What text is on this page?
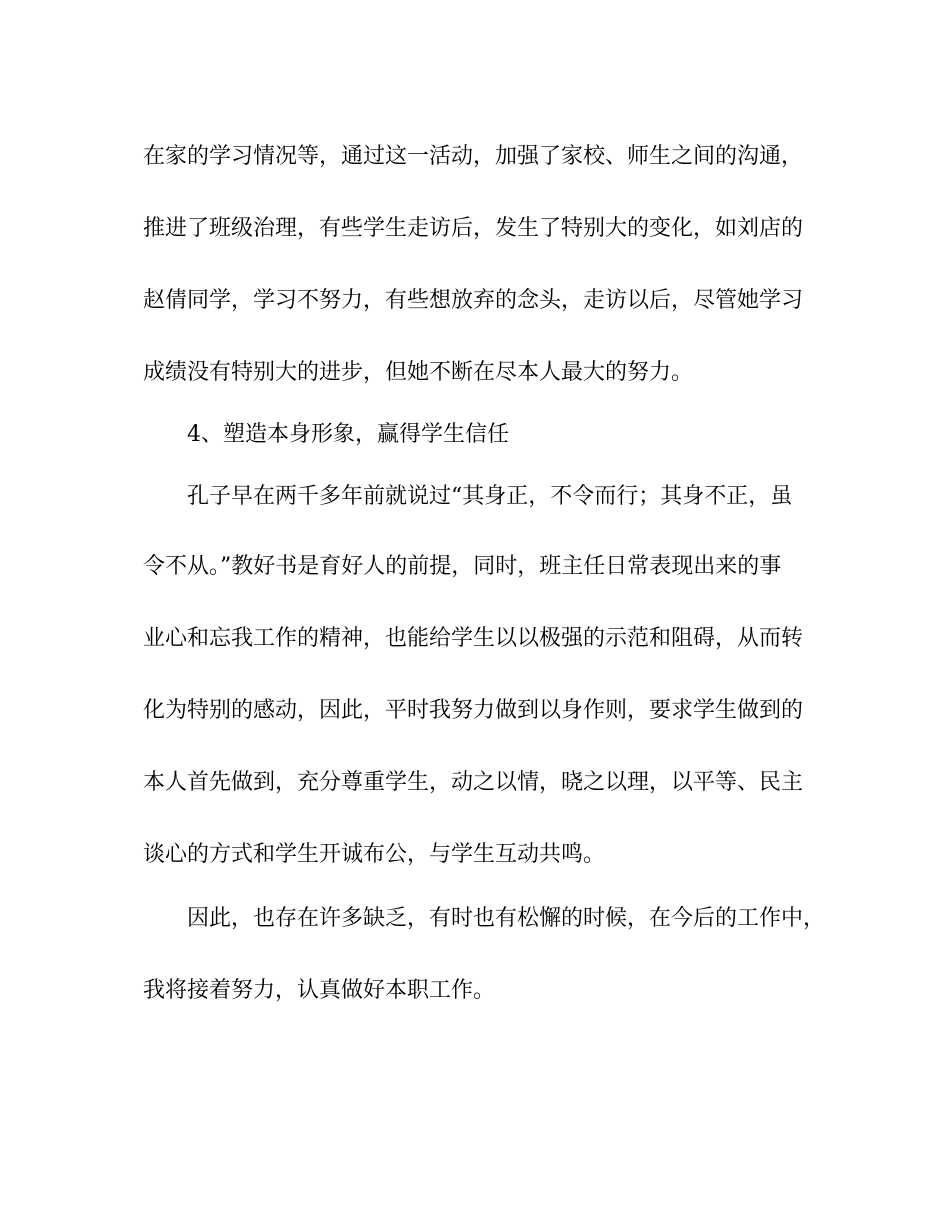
在家的学习情况等，通过这一活动，加强了家校、师生之间的沟通，
推进了班级治理，有些学生走访后，发生了特别大的变化，如刘店的
赵倩同学，学习不努力，有些想放弃的念头，走访以后，尽管她学习
成绩没有特别大的进步，但她不断在尽本人最大的努力。
4、塑造本身形象，赢得学生信任
孔子早在两千多年前就说过“其身正，不令而行；其身不正，虽
令不从。”教好书是育好人的前提，同时，班主任日常表现出来的事
业心和忘我工作的精神，也能给学生以以极强的示范和阻碍，从而转
化为特别的感动，因此，平时我努力做到以身作则，要求学生做到的
本人首先做到，充分尊重学生，动之以情，晓之以理，以平等、民主
谈心的方式和学生开诚布公，与学生互动共鸣。
因此，也存在许多缺乏，有时也有松懈的时候，在今后的工作中，
我将接着努力，认真做好本职工作。
